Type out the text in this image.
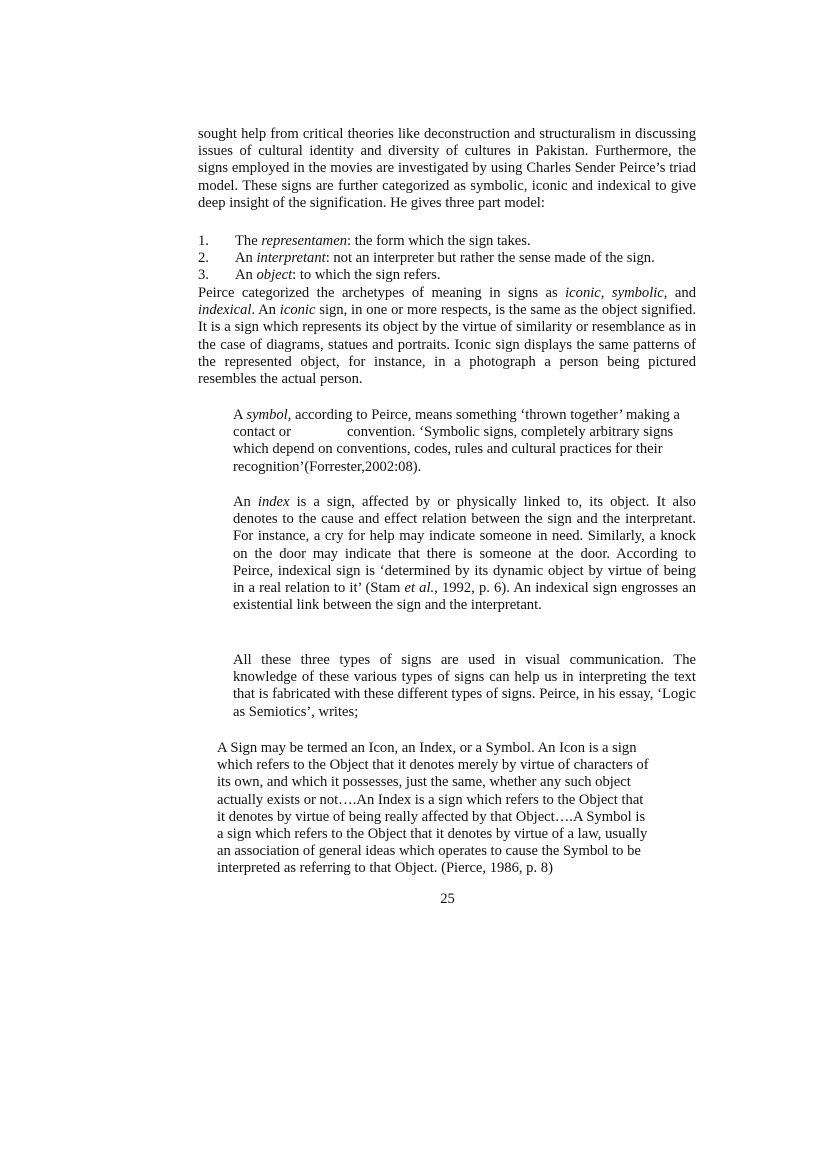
sought help from critical theories like deconstruction and structuralism in discussing issues of cultural identity and diversity of cultures in Pakistan. Furthermore, the signs employed in the movies are investigated by using Charles Sender Peirce’s triad model. These signs are further categorized as symbolic, iconic and indexical to give deep insight of the signification. He gives three part model:

1.	The representamen: the form which the sign takes.
2.	An interpretant: not an interpreter but rather the sense made of the sign.
3.	An object: to which the sign refers.

Peirce categorized the archetypes of meaning in signs as iconic, symbolic, and indexical. An iconic sign, in one or more respects, is the same as the object signified. It is a sign which represents its object by the virtue of similarity or resemblance as in the case of diagrams, statues and portraits. Iconic sign displays the same patterns of the represented object, for instance, in a photograph a person being pictured resembles the actual person.

A symbol, according to Peirce, means something ‘thrown together’ making a contact or	convention. ‘Symbolic signs, completely arbitrary signs which depend on conventions, codes, rules and cultural practices for their recognition’(Forrester,2002:08).

An index is a sign, affected by or physically linked to, its object. It also denotes to the cause and effect relation between the sign and the interpretant. For instance, a cry for help may indicate someone in need. Similarly, a knock on the door may indicate that there is someone at the door. According to Peirce, indexical sign is ‘determined by its dynamic object by virtue of being in a real relation to it’ (Stam et al., 1992, p. 6). An indexical sign engrosses an existential link between the sign and the interpretant.

All these three types of signs are used in visual communication. The knowledge of these various types of signs can help us in interpreting the text that is fabricated with these different types of signs. Peirce, in his essay, ‘Logic as Semiotics’, writes;

A Sign may be termed an Icon, an Index, or a Symbol. An Icon is a sign
which refers to the Object that it denotes merely by virtue of characters of
its own, and which it possesses, just the same, whether any such object
actually exists or not….An Index is a sign which refers to the Object that
it denotes by virtue of being really affected by that Object….A Symbol is
a sign which refers to the Object that it denotes by virtue of a law, usually
an association of general ideas which operates to cause the Symbol to be
interpreted as referring to that Object. (Pierce, 1986, p. 8)
25
